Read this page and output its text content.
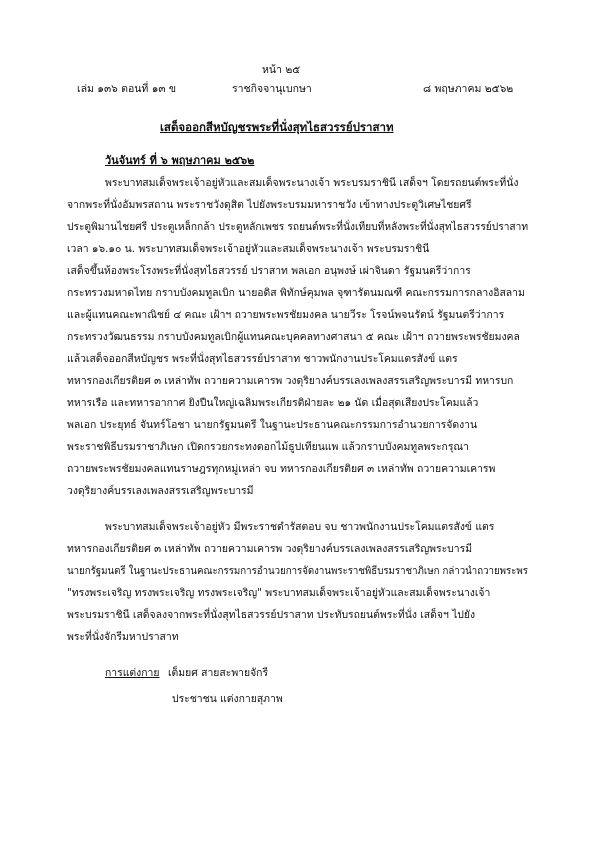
หน้า ๒๕
เล่ม ๑๓๖ ตอนที่ ๑๓ ข	ราชกิจจานุเบกษา	๘ พฤษภาคม ๒๕๖๒
เสด็จออกสีหบัญชรพระที่นั่งสุทไธสวรรย์ปราสาท
วันจันทร์ ที่ ๖ พฤษภาคม ๒๕๖๒
พระบาทสมเด็จพระเจ้าอยู่หัวและสมเด็จพระนางเจ้า พระบรมราชินี เสด็จฯ โดยรถยนต์พระที่นั่ง
จากพระที่นั่งอัมพรสถาน พระราชวังดุสิต ไปยังพระบรมมหาราชวัง เข้าทางประตูวิเศษไชยศรี
ประตูพิมานไชยศรี ประตูเหล็กกล้า ประตูหลักเพชร รถยนต์พระที่นั่งเทียบที่หลังพระที่นั่งสุทไธสวรรย์ปราสาท
เวลา ๑๖.๑๐ น. พระบาทสมเด็จพระเจ้าอยู่หัวและสมเด็จพระนางเจ้า พระบรมราชินี
เสด็จขึ้นห้องพระโรงพระที่นั่งสุทไธสวรรย์ ปราสาท พลเอก อนุพงษ์ เผ่าจินดา รัฐมนตรีว่าการ
กระทรวงมหาดไทย กราบบังคมทูลเบิก นายอดิส พิทักษ์คุมพล จุฑารัตนมณฑี คณะกรรมการกลางอิสลาม
และผู้แทนคณะพาณิชย์ ๔ คณะ เฝ้าฯ ถวายพระพรชัยมงคล นายวีระ โรจน์พจนรัตน์ รัฐมนตรีว่าการ
กระทรวงวัฒนธรรม กราบบังคมทูลเบิกผู้แทนคณะบุคคลทางศาสนา ๕ คณะ เฝ้าฯ ถวายพระพรชัยมงคล
แล้วเสด็จออกสีหบัญชร พระที่นั่งสุทไธสวรรย์ปราสาท ชาวพนักงานประโคมแตรสังข์ แตร
ทหารกองเกียรติยศ ๓ เหล่าทัพ ถวายความเคารพ วงดุริยางค์บรรเลงเพลงสรรเสริญพระบารมี ทหารบก
ทหารเรือ และทหารอากาศ ยิงปืนใหญ่เฉลิมพระเกียรติฝ่ายละ ๒๑ นัด เมื่อสุดเสียงประโคมแล้ว
พลเอก ประยุทธ์ จันทร์โอชา นายกรัฐมนตรี ในฐานะประธานคณะกรรมการอำนวยการจัดงาน
พระราชพิธีบรมราชาภิเษก เปิดกรวยกระทงดอกไม้ธูปเทียนแพ แล้วกราบบังคมทูลพระกรุณา
ถวายพระพรชัยมงคลแทนราษฎรทุกหมู่เหล่า จบ ทหารกองเกียรติยศ ๓ เหล่าทัพ ถวายความเคารพ
วงดุริยางค์บรรเลงเพลงสรรเสริญพระบารมี
พระบาทสมเด็จพระเจ้าอยู่หัว มีพระราชดำรัสตอบ จบ ชาวพนักงานประโคมแตรสังข์ แตร
ทหารกองเกียรติยศ ๓ เหล่าทัพ ถวายความเคารพ วงดุริยางค์บรรเลงเพลงสรรเสริญพระบารมี
นายกรัฐมนตรี ในฐานะประธานคณะกรรมการอำนวยการจัดงานพระราชพิธีบรมราชาภิเษก กล่าวนำถวายพระพร
"ทรงพระเจริญ ทรงพระเจริญ ทรงพระเจริญ" พระบาทสมเด็จพระเจ้าอยู่หัวและสมเด็จพระนางเจ้า
พระบรมราชินี เสด็จลงจากพระที่นั่งสุทไธสวรรย์ปราสาท ประทับรถยนต์พระที่นั่ง เสด็จฯ ไปยัง
พระที่นั่งจักรีมหาปราสาท
การแต่งกาย เต็มยศ สายสะพายจักรี
ประชาชน แต่งกายสุภาพ
